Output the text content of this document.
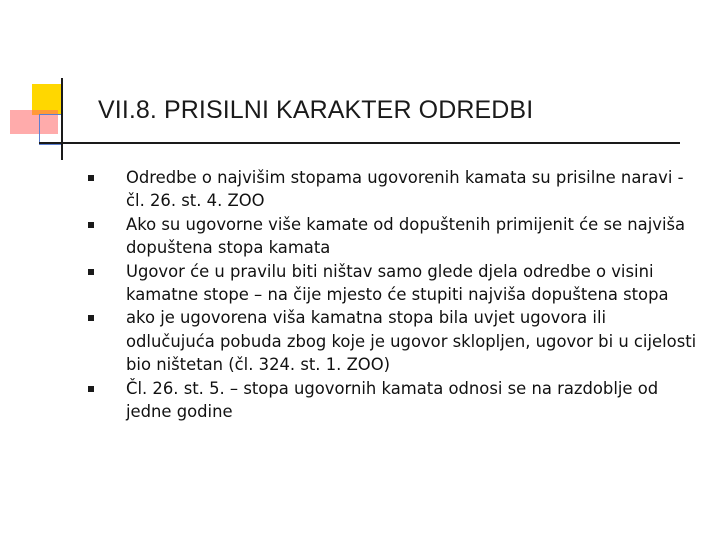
VII.8. PRISILNI KARAKTER ODREDBI
Odredbe o najvišim stopama ugovorenih kamata su prisilne naravi - čl. 26. st. 4. ZOO
Ako su ugovorne više kamate od dopuštenih primijenit će se najviša dopuštena stopa kamata
Ugovor će u pravilu biti ništav samo glede djela odredbe o visini kamatne stope – na čije mjesto će stupiti najviša dopuštena stopa
ako je ugovorena viša kamatna stopa bila uvjet ugovora ili odlučujuća pobuda zbog koje je ugovor sklopljen, ugovor bi u cijelosti bio ništetan (čl. 324. st. 1. ZOO)
Čl. 26. st. 5. – stopa ugovornih kamata odnosi se na razdoblje od jedne godine
